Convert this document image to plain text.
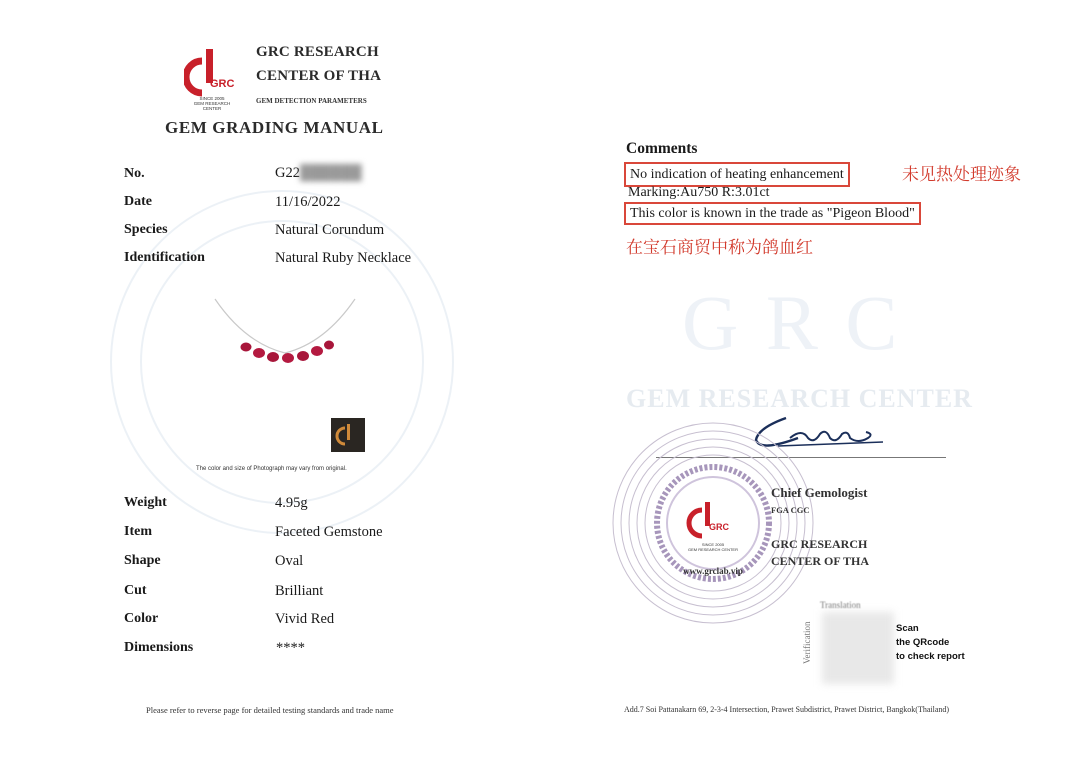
GRC
SINCE 2005
GEM RESEARCH CENTER
GRC RESEARCH
CENTER OF THA
GEM DETECTION PARAMETERS
GEM GRADING MANUAL
No.	G22██████
Date	11/16/2022
Species	Natural Corundum
Identification	Natural Ruby Necklace
The color and size of Photograph may vary from original.
Weight	4.95g
Item	Faceted Gemstone
Shape	Oval
Cut	Brilliant
Color	Vivid Red
Dimensions	****
Please refer to reverse page for detailed testing standards and trade name
G R C
GEM RESEARCH CENTER
Comments
No indication of heating enhancement	未见热处理迹象
Marking:Au750 R:3.01ct
This color is known in the trade as "Pigeon Blood"
在宝石商贸中称为鸽血红
GRC
SINCE 2005
GEM RESEARCH CENTER
www.grclab.vip
Chief Gemologist
FGA CGC
GRC RESEARCH
CENTER OF THA
Translation
Verification	Scan
the QRcode
to check report
Add.7 Soi Pattanakarn 69, 2-3-4 Intersection, Prawet Subdistrict, Prawet District, Bangkok(Thailand)
